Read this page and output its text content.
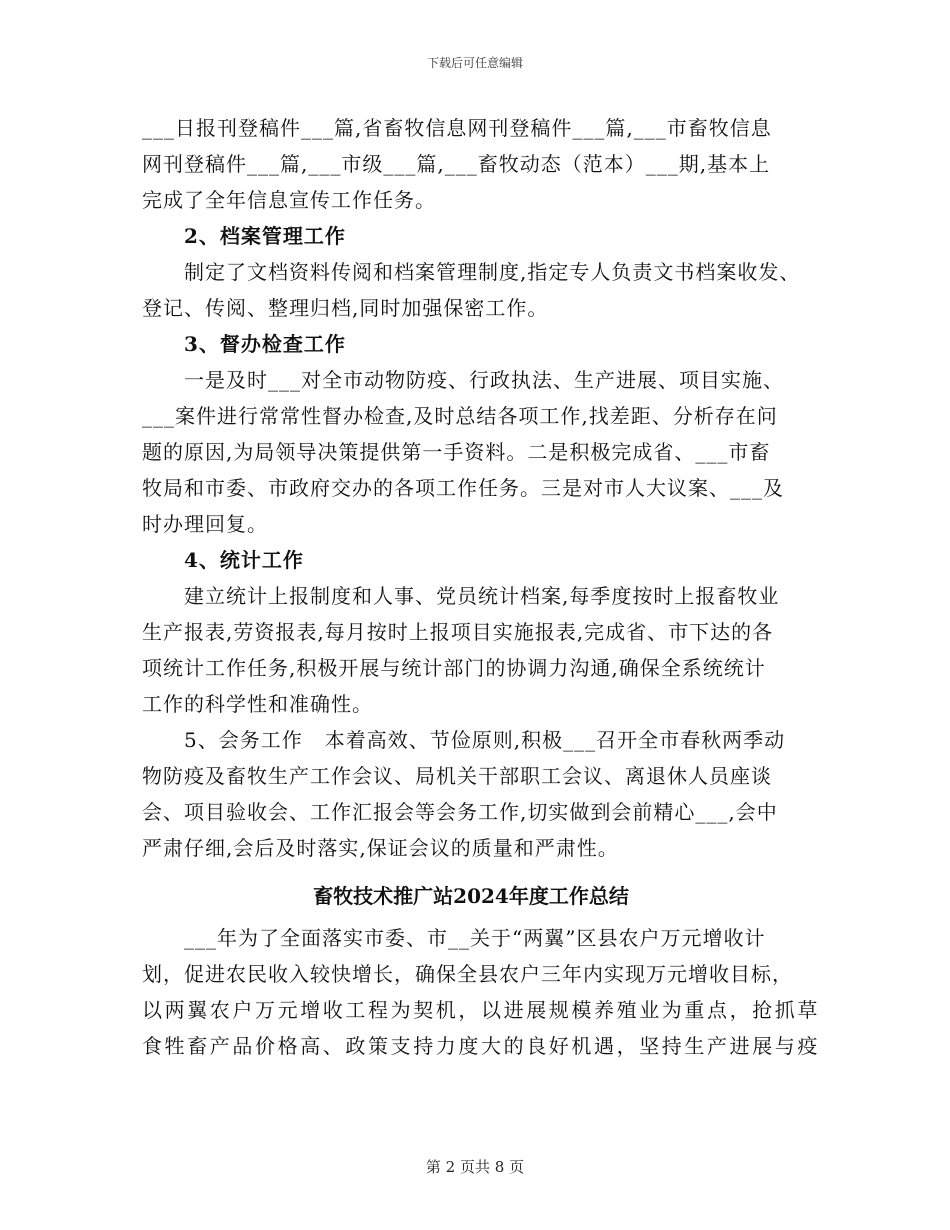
下载后可任意编辑
___日报刊登稿件___篇,省畜牧信息网刊登稿件___篇,___市畜牧信息
网刊登稿件___篇,___市级___篇,___畜牧动态（范本）___期,基本上
完成了全年信息宣传工作任务。
2、档案管理工作
制定了文档资料传阅和档案管理制度,指定专人负责文书档案收发、
登记、传阅、整理归档,同时加强保密工作。
3、督办检查工作
一是及时___对全市动物防疫、行政执法、生产进展、项目实施、
___案件进行常常性督办检查,及时总结各项工作,找差距、分析存在问
题的原因,为局领导决策提供第一手资料。二是积极完成省、___市畜
牧局和市委、市政府交办的各项工作任务。三是对市人大议案、___及
时办理回复。
4、统计工作
建立统计上报制度和人事、党员统计档案,每季度按时上报畜牧业
生产报表,劳资报表,每月按时上报项目实施报表,完成省、市下达的各
项统计工作任务,积极开展与统计部门的协调力沟通,确保全系统统计
工作的科学性和准确性。
5、会务工作   本着高效、节俭原则,积极___召开全市春秋两季动
物防疫及畜牧生产工作会议、局机关干部职工会议、离退休人员座谈
会、项目验收会、工作汇报会等会务工作,切实做到会前精心___,会中
严肃仔细,会后及时落实,保证会议的质量和严肃性。
畜牧技术推广站2024年度工作总结
___年为了全面落实市委、市__关于“两翼”区县农户万元增收计
划，促进农民收入较快增长，确保全县农户三年内实现万元增收目标，
以两翼农户万元增收工程为契机，以进展规模养殖业为重点，抢抓草
食牲畜产品价格高、政策支持力度大的良好机遇，坚持生产进展与疫
第 2 页共 8 页
